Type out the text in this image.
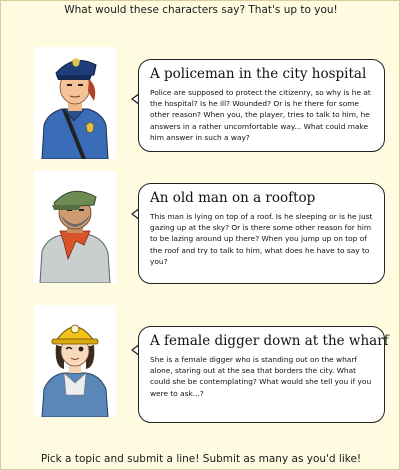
What would these characters say? That's up to you!
A policeman in the city hospital

Police are supposed to protect the citizenry, so why is he at the hospital? Is he ill? Wounded? Or is he there for some other reason? When you, the player, tries to talk to him, he answers in a rather uncomfortable way... What could make him answer in such a way?

An old man on a rooftop

This man is lying on top of a roof. Is he sleeping or is he just gazing up at the sky? Or is there some other reason for him to be lazing around up there? When you jump up on top of the roof and try to talk to him, what does he have to say to you?

A female digger down at the wharf

She is a female digger who is standing out on the wharf alone, staring out at the sea that borders the city. What could she be contemplating? What would she tell you if you were to ask...?

Pick a topic and submit a line! Submit as many as you'd like!
